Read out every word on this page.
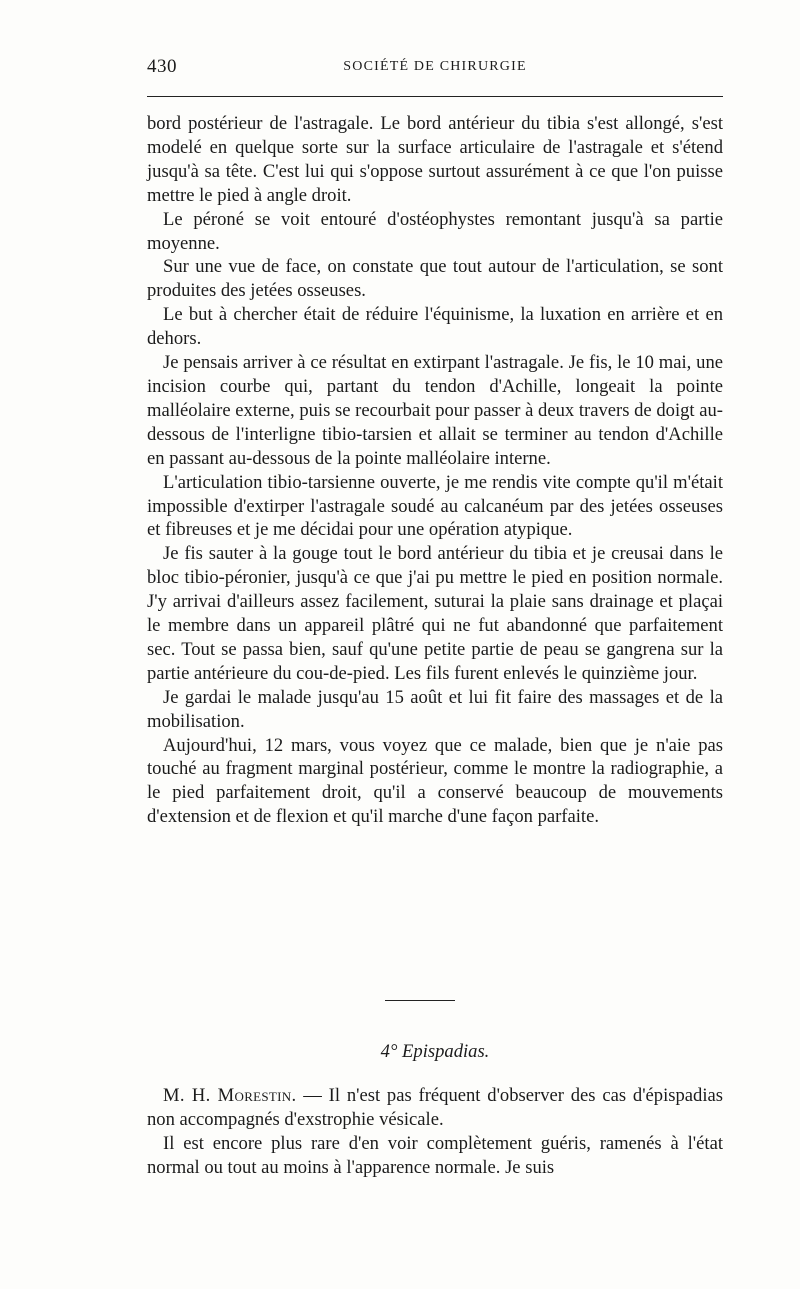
430	SOCIÉTÉ DE CHIRURGIE

bord postérieur de l'astragale. Le bord antérieur du tibia s'est allongé, s'est modelé en quelque sorte sur la surface articulaire de l'astragale et s'étend jusqu'à sa tête. C'est lui qui s'oppose surtout assurément à ce que l'on puisse mettre le pied à angle droit.

Le péroné se voit entouré d'ostéophystes remontant jusqu'à sa partie moyenne.

Sur une vue de face, on constate que tout autour de l'articulation, se sont produites des jetées osseuses.

Le but à chercher était de réduire l'équinisme, la luxation en arrière et en dehors.

Je pensais arriver à ce résultat en extirpant l'astragale. Je fis, le 10 mai, une incision courbe qui, partant du tendon d'Achille, longeait la pointe malléolaire externe, puis se recourbait pour passer à deux travers de doigt au-dessous de l'interligne tibio-tarsien et allait se terminer au tendon d'Achille en passant au-dessous de la pointe malléolaire interne.

L'articulation tibio-tarsienne ouverte, je me rendis vite compte qu'il m'était impossible d'extirper l'astragale soudé au calcanéum par des jetées osseuses et fibreuses et je me décidai pour une opération atypique.

Je fis sauter à la gouge tout le bord antérieur du tibia et je creusai dans le bloc tibio-péronier, jusqu'à ce que j'ai pu mettre le pied en position normale. J'y arrivai d'ailleurs assez facilement, suturai la plaie sans drainage et plaçai le membre dans un appareil plâtré qui ne fut abandonné que parfaitement sec. Tout se passa bien, sauf qu'une petite partie de peau se gangrena sur la partie antérieure du cou-de-pied. Les fils furent enlevés le quinzième jour.

Je gardai le malade jusqu'au 15 août et lui fit faire des massages et de la mobilisation.

Aujourd'hui, 12 mars, vous voyez que ce malade, bien que je n'aie pas touché au fragment marginal postérieur, comme le montre la radiographie, a le pied parfaitement droit, qu'il a conservé beaucoup de mouvements d'extension et de flexion et qu'il marche d'une façon parfaite.

4° Epispadias.

M. H. Morestin. — Il n'est pas fréquent d'observer des cas d'épispadias non accompagnés d'exstrophie vésicale.

Il est encore plus rare d'en voir complètement guéris, ramenés à l'état normal ou tout au moins à l'apparence normale. Je suis
